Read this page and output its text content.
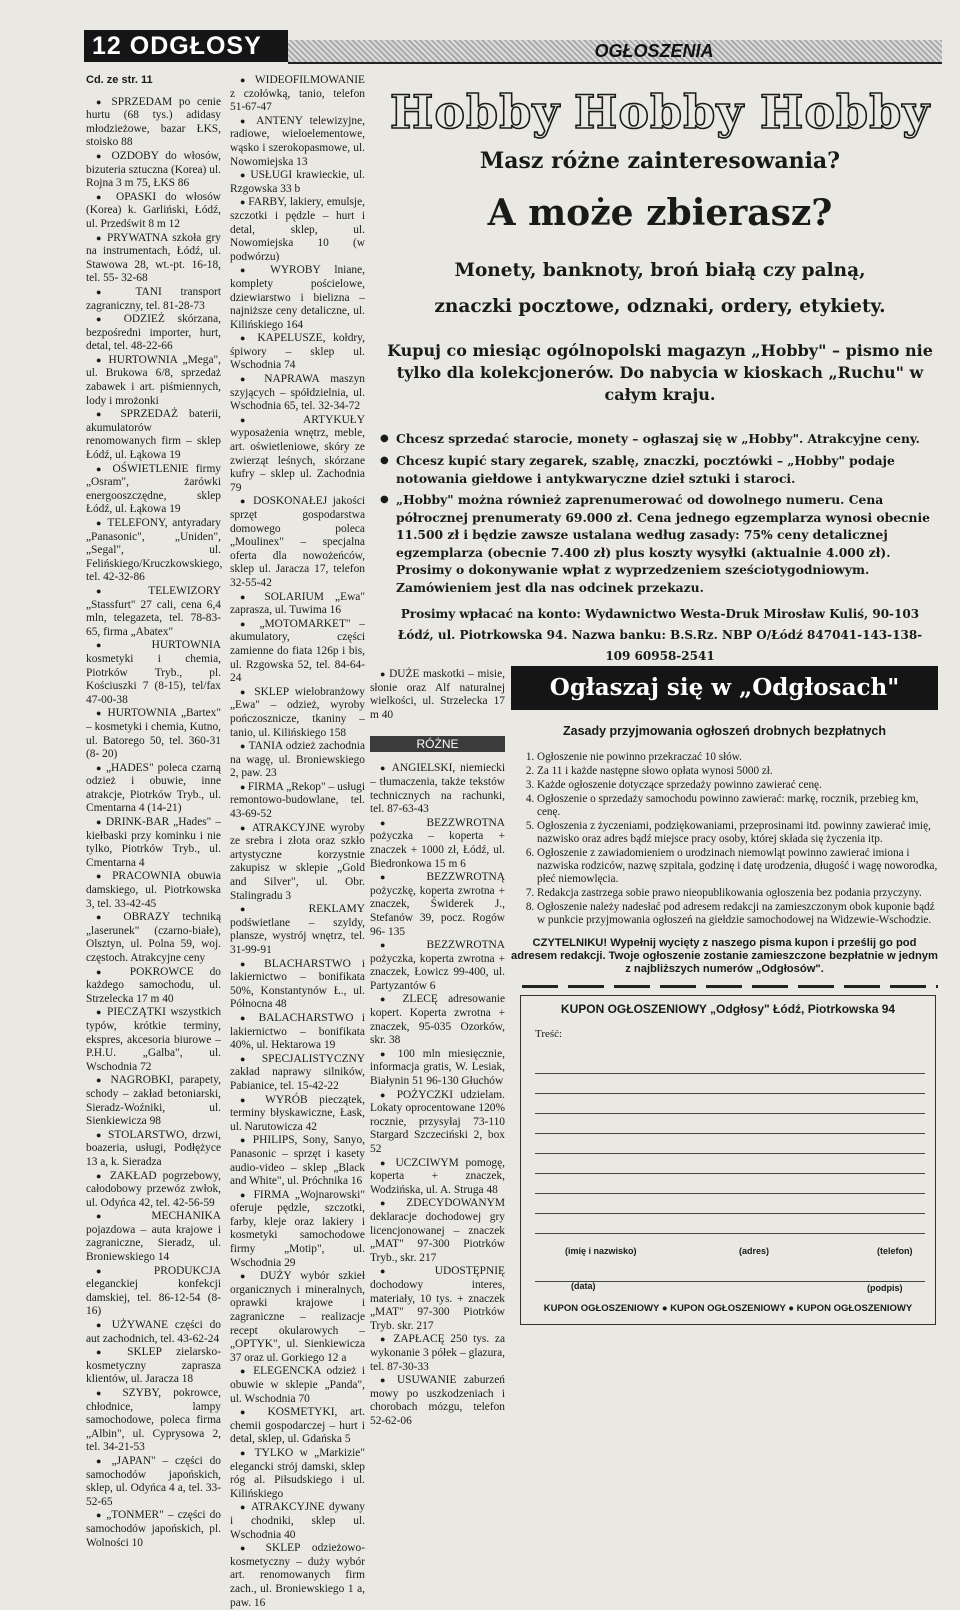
12 ODGŁOSY	OGŁOSZENIA

Cd. ze str. 11

● SPRZEDAM po cenie hurtu (68 tys.) adidasy młodzieżowe, bazar ŁKS, stoisko 88

● OZDOBY do włosów, bizuteria sztuczna (Korea) ul. Rojna 3 m 75, ŁKS 86

● OPASKI do włosów (Korea) k. Garliński, Łódź, ul. Przedświt 8 m 12

● PRYWATNA szkoła gry na instrumentach, Łódź, ul. Stawowa 28, wt.-pt. 16-18, tel. 55- 32-68

● TANI transport zagraniczny, tel. 81-28-73

● ODZIEŻ skórzana, bezpośredni importer, hurt, detal, tel. 48-22-66

● HURTOWNIA „Mega", ul. Brukowa 6/8, sprzedaż zabawek i art. piśmiennych, lody i mrożonki

● SPRZEDAŻ baterii, akumulatorów renomowanych firm – sklep Łódź, ul. Łąkowa 19

● OŚWIETLENIE firmy „Osram", żarówki energooszczędne, sklep Łódź, ul. Łąkowa 19

● TELEFONY, antyradary „Panasonic", „Uniden", „Segal", ul. Felińskiego/Kruczkowskiego, tel. 42-32-86

● TELEWIZORY „Stassfurt" 27 cali, cena 6,4 mln, telegazeta, tel. 78-83-65, firma „Abatex"

● HURTOWNIA kosmetyki i chemia, Piotrków Tryb., pl. Kościuszki 7 (8-15), tel/fax 47-00-38

● HURTOWNIA „Bartex" – kosmetyki i chemia, Kutno, ul. Batorego 50, tel. 360-31 (8- 20)

● „HADES" poleca czarną odzież i obuwie, inne atrakcje, Piotrków Tryb., ul. Cmentarna 4 (14-21)

● DRINK-BAR „Hades" – kiełbaski przy kominku i nie tylko, Piotrków Tryb., ul. Cmentarna 4

● PRACOWNIA obuwia damskiego, ul. Piotrkowska 3, tel. 33-42-45

● OBRAZY techniką „laserunek" (czarno-białe), Olsztyn, ul. Polna 59, woj. częstoch. Atrakcyjne ceny

● POKROWCE do każdego samochodu, ul. Strzelecka 17 m 40

● PIECZĄTKI wszystkich typów, krótkie terminy, ekspres, akcesoria biurowe – P.H.U. „Galba", ul. Wschodnia 72

● NAGROBKI, parapety, schody – zakład betoniarski, Sieradz-Woźniki, ul. Sienkiewicza 98

● STOLARSTWO, drzwi, boazeria, usługi, Podłężyce 13 a, k. Sieradza

● ZAKŁAD pogrzebowy, całodobowy przewóz zwłok, ul. Odyńca 42, tel. 42-56-59

● MECHANIKA pojazdowa – auta krajowe i zagraniczne, Sieradz, ul. Broniewskiego 14

● PRODUKCJA eleganckiej konfekcji damskiej, tel. 86-12-54 (8-16)

● UŻYWANE części do aut zachodnich, tel. 43-62-24

● SKLEP zielarsko-kosmetyczny zaprasza klientów, ul. Jaracza 18

● SZYBY, pokrowce, chłodnice, lampy samochodowe, poleca firma „Albin", ul. Cyprysowa 2, tel. 34-21-53

● „JAPAN" – części do samochodów japońskich, sklep, ul. Odyńca 4 a, tel. 33-52-65

● „TONMER" – części do samochodów japońskich, pl. Wolności 10

● WIDEOFILMOWANIE z czołówką, tanio, telefon 51-67-47

● ANTENY telewizyjne, radiowe, wieloelementowe, wąsko i szerokopasmowe, ul. Nowomiejska 13

● USŁUGI krawieckie, ul. Rzgowska 33 b

● FARBY, lakiery, emulsje, szczotki i pędzle – hurt i detal, sklep, ul. Nowomiejska 10 (w podwórzu)

● WYROBY lniane, komplety pościelowe, dziewiarstwo i bielizna – najniższe ceny detaliczne, ul. Kilińskiego 164

● KAPELUSZE, kołdry, śpiwory – sklep ul. Wschodnia 74

● NAPRAWA maszyn szyjących – spółdzielnia, ul. Wschodnia 65, tel. 32-34-72

● ARTYKUŁY wyposażenia wnętrz, meble, art. oświetleniowe, skóry ze zwierząt leśnych, skórzane kufry – sklep ul. Zachodnia 79

● DOSKONAŁEJ jakości sprzęt gospodarstwa domowego poleca „Moulinex" – specjalna oferta dla nowożeńców, sklep ul. Jaracza 17, telefon 32-55-42

● SOLARIUM „Ewa" zaprasza, ul. Tuwima 16

● „MOTOMARKET" – akumulatory, części zamienne do fiata 126p i bis, ul. Rzgowska 52, tel. 84-64-24

● SKLEP wielobranżowy „Ewa" – odzież, wyroby pończosznicze, tkaniny – tanio, ul. Kilińskiego 158

● TANIA odzież zachodnia na wagę, ul. Broniewskiego 2, paw. 23

● FIRMA „Rekop" – usługi remontowo-budowlane, tel. 43-69-52

● ATRAKCYJNE wyroby ze srebra i złota oraz szkło artystyczne korzystnie zakupisz w sklepie „Gold and Silver", ul. Obr. Stalingradu 3

● REKLAMY podświetlane – szyldy, plansze, wystrój wnętrz, tel. 31-99-91

● BLACHARSTWO i lakiernictwo – bonifikata 50%, Konstantynów Ł., ul. Północna 48

● BALACHARSTWO i lakiernictwo – bonifikata 40%, ul. Hektarowa 19

● SPECJALISTYCZNY zakład naprawy silników, Pabianice, tel. 15-42-22

● WYRÓB pieczątek, terminy błyskawiczne, Łask, ul. Narutowicza 42

● PHILIPS, Sony, Sanyo, Panasonic – sprzęt i kasety audio-video – sklep „Black and White", ul. Próchnika 16

● FIRMA „Wojnarowski" oferuje pędzle, szczotki, farby, kleje oraz lakiery i kosmetyki samochodowe firmy „Motip", ul. Wschodnia 29

● DUŻY wybór szkieł organicznych i mineralnych, oprawki krajowe i zagraniczne – realizacje recept okularowych – „OPTYK", ul. Sienkiewicza 37 oraz ul. Gorkiego 12 a

● ELEGENCKA odzież i obuwie w sklepie „Panda", ul. Wschodnia 70

● KOSMETYKI, art. chemii gospodarczej – hurt i detal, sklep, ul. Gdańska 5

● TYLKO w „Markizie" elegancki strój damski, sklep róg al. Piłsudskiego i ul. Kilińskiego

● ATRAKCYJNE dywany i chodniki, sklep ul. Wschodnia 40

● SKLEP odzieżowo-kosmetyczny – duży wybór art. renomowanych firm zach., ul. Broniewskiego 1 a, paw. 16

● DUŻE maskotki – misie, słonie oraz Alf naturalnej wielkości, ul. Strzelecka 17 m 40

RÓŻNE

● ANGIELSKI, niemiecki – tłumaczenia, także tekstów technicznych na rachunki, tel. 87-63-43

● BEZZWROTNA pożyczka – koperta + znaczek + 1000 zł, Łódź, ul. Biedronkowa 15 m 6

● BEZZWROTNĄ pożyczkę, koperta zwrotna + znaczek, Świderek J., Stefanów 39, pocz. Rogów 96- 135

● BEZZWROTNA pożyczka, koperta zwrotna + znaczek, Łowicz 99-400, ul. Partyzantów 6

● ZLECĘ adresowanie kopert. Koperta zwrotna + znaczek, 95-035 Ozorków, skr. 38

● 100 mln miesięcznie, informacja gratis, W. Lesiak, Białynin 51 96-130 Głuchów

● POŻYCZKI udzielam. Lokaty oprocentowane 120% rocznie, przysyłaj 73-110 Stargard Szczeciński 2, box 52

● UCZCIWYM pomogę, koperta + znaczek, Wodzińska, ul. A. Struga 48

● ZDECYDOWANYM deklaracje dochodowej gry licencjonowanej – znaczek „MAT" 97-300 Piotrków Tryb., skr. 217

● UDOSTĘPNIĘ dochodowy interes, materiały, 10 tys. + znaczek „MAT" 97-300 Piotrków Tryb. skr. 217

● ZAPŁACĘ 250 tys. za wykonanie 3 półek – glazura, tel. 87-30-33

● USUWANIE zaburzeń mowy po uszkodzeniach i chorobach mózgu, telefon 52-62-06

Hobby Hobby Hobby
Masz różne zainteresowania?
A może zbierasz?
Monety, banknoty, broń białą czy palną,
znaczki pocztowe, odznaki, ordery, etykiety.
Kupuj co miesiąc ogólnopolski magazyn „Hobby" – pismo nie tylko dla kolekcjonerów. Do nabycia w kioskach „Ruchu" w całym kraju.
● Chcesz sprzedać starocie, monety – ogłaszaj się w „Hobby". Atrakcyjne ceny.
● Chcesz kupić stary zegarek, szablę, znaczki, pocztówki – „Hobby" podaje notowania giełdowe i antykwaryczne dzieł sztuki i staroci.
● „Hobby" można również zaprenumerować od dowolnego numeru. Cena półrocznej prenumeraty 69.000 zł. Cena jednego egzemplarza wynosi obecnie 11.500 zł i będzie zawsze ustalana według zasady: 75% ceny detalicznej egzemplarza (obecnie 7.400 zł) plus koszty wysyłki (aktualnie 4.000 zł). Prosimy o dokonywanie wpłat z wyprzedzeniem sześciotygodniowym. Zamówieniem jest dla nas odcinek przekazu.
Prosimy wpłacać na konto: Wydawnictwo Westa-Druk Mirosław Kuliś, 90-103 Łódź, ul. Piotrkowska 94. Nazwa banku: B.S.Rz. NBP O/Łódź 847041-143-138-109 60958-2541
Ogłaszaj się w „Odgłosach"
Zasady przyjmowania ogłoszeń drobnych bezpłatnych
1. Ogłoszenie nie powinno przekraczać 10 słów.
2. Za 11 i każde następne słowo opłata wynosi 5000 zł.
3. Każde ogłoszenie dotyczące sprzedaży powinno zawierać cenę.
4. Ogłoszenie o sprzedaży samochodu powinno zawierać: markę, rocznik, przebieg km, cenę.
5. Ogłoszenia z życzeniami, podziękowaniami, przeprosinami itd. powinny zawierać imię, nazwisko oraz adres bądź miejsce pracy osoby, której składa się życzenia itp.
6. Ogłoszenie z zawiadomieniem o urodzinach niemowląt powinno zawierać imiona i nazwiska rodziców, nazwę szpitala, godzinę i datę urodzenia, długość i wagę noworodka, płeć niemowlęcia.
7. Redakcja zastrzega sobie prawo nieopublikowania ogłoszenia bez podania przyczyny.
8. Ogłoszenie należy nadesłać pod adresem redakcji na zamieszczonym obok kuponie bądź w punkcie przyjmowania ogłoszeń na giełdzie samochodowej na Widzewie-Wschodzie.
CZYTELNIKU! Wypełnij wycięty z naszego pisma kupon i prześlij go pod adresem redakcji. Twoje ogłoszenie zostanie zamieszczone bezpłatnie w jednym z najbliższych numerów „Odgłosów".
KUPON OGŁOSZENIOWY „Odgłosy" Łódź, Piotrkowska 94
Treść:
(imię i nazwisko)	(adres)	(telefon)
(data)	(podpis)
KUPON OGŁOSZENIOWY ● KUPON OGŁOSZENIOWY ● KUPON OGŁOSZENIOWY
